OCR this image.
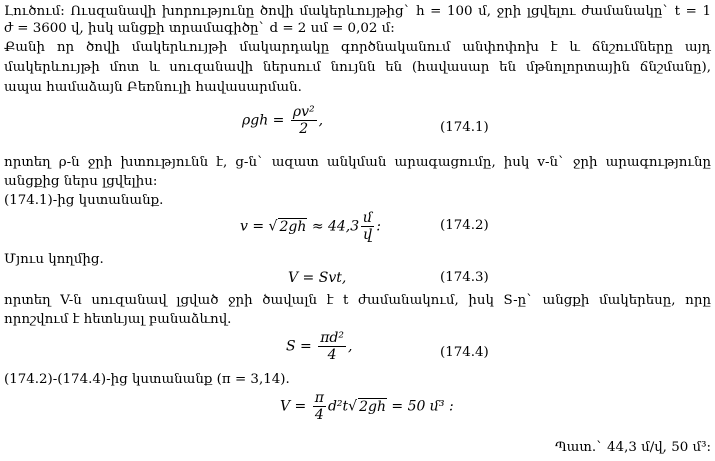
Լուծում: Ուսզանավի խորությունը ծովի մակերևույթից` h = 100 մ, ջրի լցվելու ժամանակը` t = 1
ժ = 3600 վ, իսկ անցքի տրամագիծը` d = 2 սմ = 0,02 մ:
Քանի որ ծովի մակերևույթի մակարդակը գործնականում անփոփոխ է և ճնշումները այդ
մակերևույթի մոտ և սուզանավի ներսում նույնն են (հավասար են մթնոլորտային ճնշմանը),
ապա համաձայն Բեռնուլի հավասարման.
$\rho gh = \frac{\text{ρv²}}{2}$ ,	(174.1)
որտեղ ρ-ն ջրի խտությունն է, g-ն` ազատ անկման արագացումը, իսկ v-ն` ջրի արագությունը
անցքից ներս լցվելիս:
(174.1)-ից կստանանք.
v = √ $2gh \approx 44,3 \frac{\text{մ}}{\text{վ}}$ :	(174.2)
Մյուս կողմից.
V = Svt,	(174.3)
որտեղ V-ն սուզանավ լցված ջրի ծավալն է t ժամանակում, իսկ S-ը` անցքի մակերեսը, որը
որոշվում է հետևյալ բանաձևով.
$S = \frac{\text{πd²}}{4}$ ,	(174.4)
(174.2)-(174.4)-ից կստանանք (π = 3,14).
$V = \frac{\pi}{4} d^2t√$ 2gh = 50 մ³ :
Պատ.` 44,3 մ/վ, 50 մ³:
